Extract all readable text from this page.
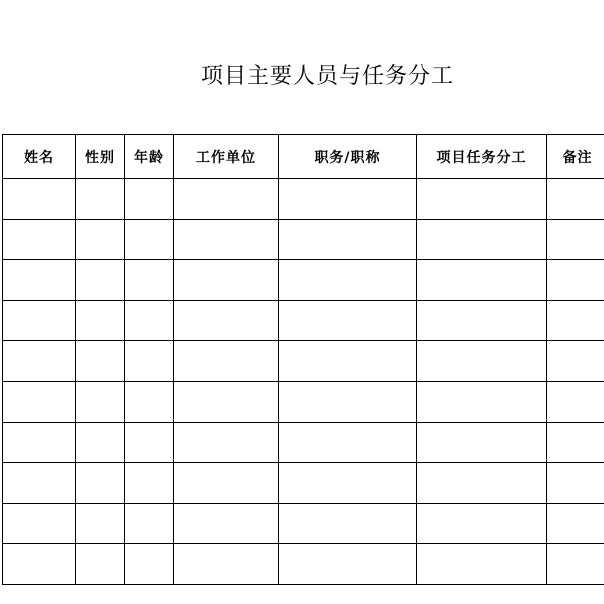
项目主要人员与任务分工
姓名	性别	年龄	工作单位	职务/职称	项目任务分工	备注
